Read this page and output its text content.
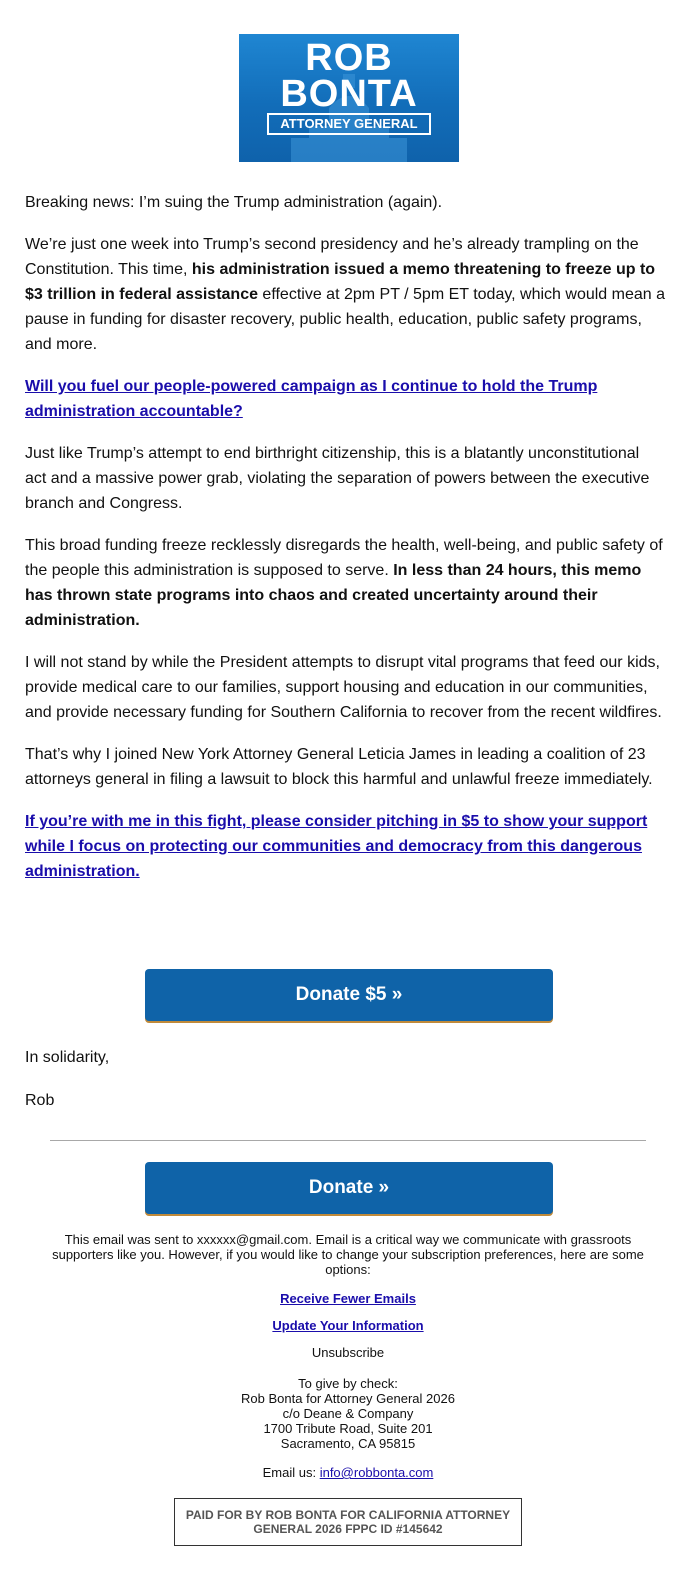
ROB
BONTA
ATTORNEY GENERAL

Breaking news: I’m suing the Trump administration (again).

We’re just one week into Trump’s second presidency and he’s already trampling on the Constitution. This time, his administration issued a memo threatening to freeze up to $3 trillion in federal assistance effective at 2pm PT / 5pm ET today, which would mean a pause in funding for disaster recovery, public health, education, public safety programs, and more.

Will you fuel our people-powered campaign as I continue to hold the Trump administration accountable?

Just like Trump’s attempt to end birthright citizenship, this is a blatantly unconstitutional act and a massive power grab, violating the separation of powers between the executive branch and Congress.

This broad funding freeze recklessly disregards the health, well-being, and public safety of the people this administration is supposed to serve. In less than 24 hours, this memo has thrown state programs into chaos and created uncertainty around their administration.

I will not stand by while the President attempts to disrupt vital programs that feed our kids, provide medical care to our families, support housing and education in our communities, and provide necessary funding for Southern California to recover from the recent wildfires.

That’s why I joined New York Attorney General Leticia James in leading a coalition of 23 attorneys general in filing a lawsuit to block this harmful and unlawful freeze immediately.

If you’re with me in this fight, please consider pitching in $5 to show your support while I focus on protecting our communities and democracy from this dangerous administration.

Donate $5 »

In solidarity,

Rob

Donate »

This email was sent to xxxxxx@gmail.com. Email is a critical way we communicate with grassroots supporters like you. However, if you would like to change your subscription preferences, here are some options:

Receive Fewer Emails
Update Your Information

Unsubscribe

To give by check:

Rob Bonta for Attorney General 2026

c/o Deane & Company

1700 Tribute Road, Suite 201

Sacramento, CA 95815

Email us: info@robbonta.com

PAID FOR BY ROB BONTA FOR CALIFORNIA ATTORNEY GENERAL 2026 FPPC ID #145642
